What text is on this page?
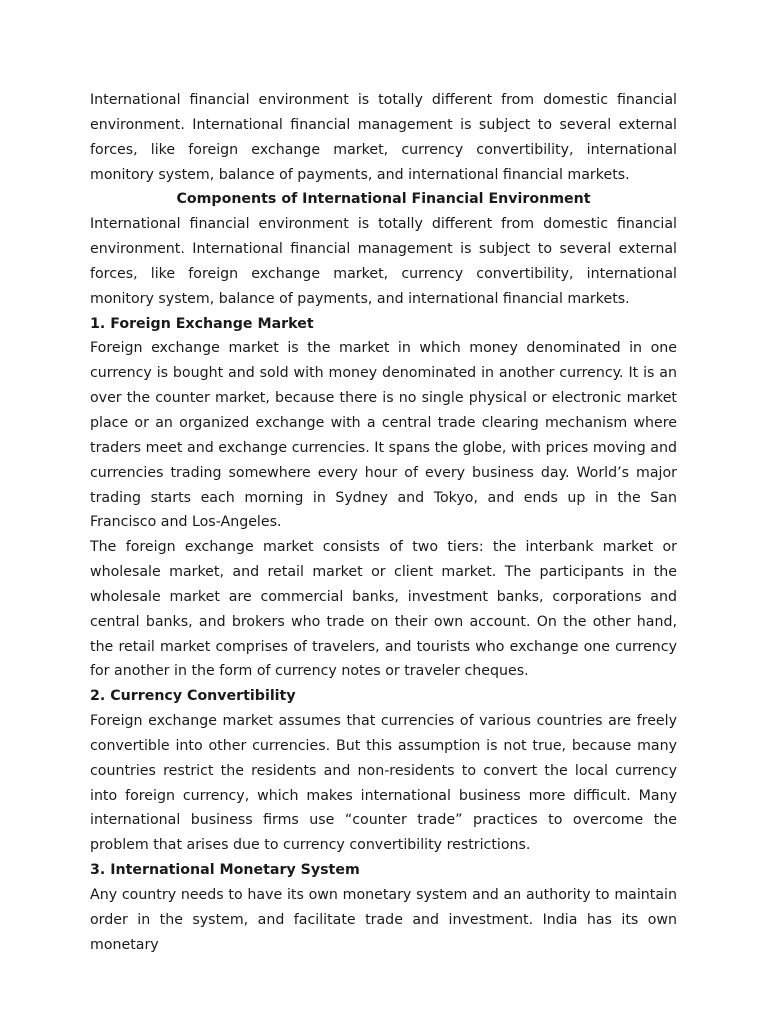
International financial environment is totally different from domestic financial environment. International financial management is subject to several external forces, like foreign exchange market, currency convertibility, international monitory system, balance of payments, and international financial markets.

Components of International Financial Environment

International financial environment is totally different from domestic financial environment. International financial management is subject to several external forces, like foreign exchange market, currency convertibility, international monitory system, balance of payments, and international financial markets.

1. Foreign Exchange Market

Foreign exchange market is the market in which money denominated in one currency is bought and sold with money denominated in another currency. It is an over the counter market, because there is no single physical or electronic market place or an organized exchange with a central trade clearing mechanism where traders meet and exchange currencies. It spans the globe, with prices moving and currencies trading somewhere every hour of every business day. World’s major trading starts each morning in Sydney and Tokyo, and ends up in the San Francisco and Los-Angeles.

The foreign exchange market consists of two tiers: the interbank market or wholesale market, and retail market or client market. The participants in the wholesale market are commercial banks, investment banks, corporations and central banks, and brokers who trade on their own account. On the other hand, the retail market comprises of travelers, and tourists who exchange one currency for another in the form of currency notes or traveler cheques.

2. Currency Convertibility

Foreign exchange market assumes that currencies of various countries are freely convertible into other currencies. But this assumption is not true, because many countries restrict the residents and non-residents to convert the local currency into foreign currency, which makes international business more difficult. Many international business firms use “counter trade” practices to overcome the problem that arises due to currency convertibility restrictions.

3. International Monetary System

Any country needs to have its own monetary system and an authority to maintain order in the system, and facilitate trade and investment. India has its own monetary
